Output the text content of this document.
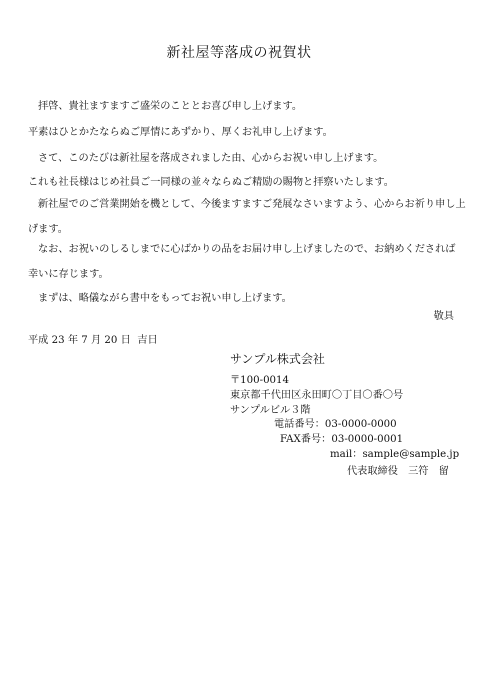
新社屋等落成の祝賀状
拝啓、貴社ますますご盛栄のこととお喜び申し上げます。
平素はひとかたならぬご厚情にあずかり、厚くお礼申し上げます。
さて、このたびは新社屋を落成されました由、心からお祝い申し上げます。
これも社長様はじめ社員ご一同様の並々ならぬご精励の賜物と拝察いたします。
新社屋でのご営業開始を機として、今後ますますご発展なさいますよう、心からお祈り申し上
げます。
なお、お祝いのしるしまでに心ばかりの品をお届け申し上げましたので、お納めくだされば
幸いに存じます。
まずは、略儀ながら書中をもってお祝い申し上げます。
敬具
平成 23 年 7 月 20 日  吉日
サンプル株式会社
〒100-0014
東京都千代田区永田町〇丁目〇番〇号
サンプルビル３階
電話番号：03-0000-0000
FAX番号：03-0000-0001
mail：sample@sample.jp
代表取締役　三符　留
